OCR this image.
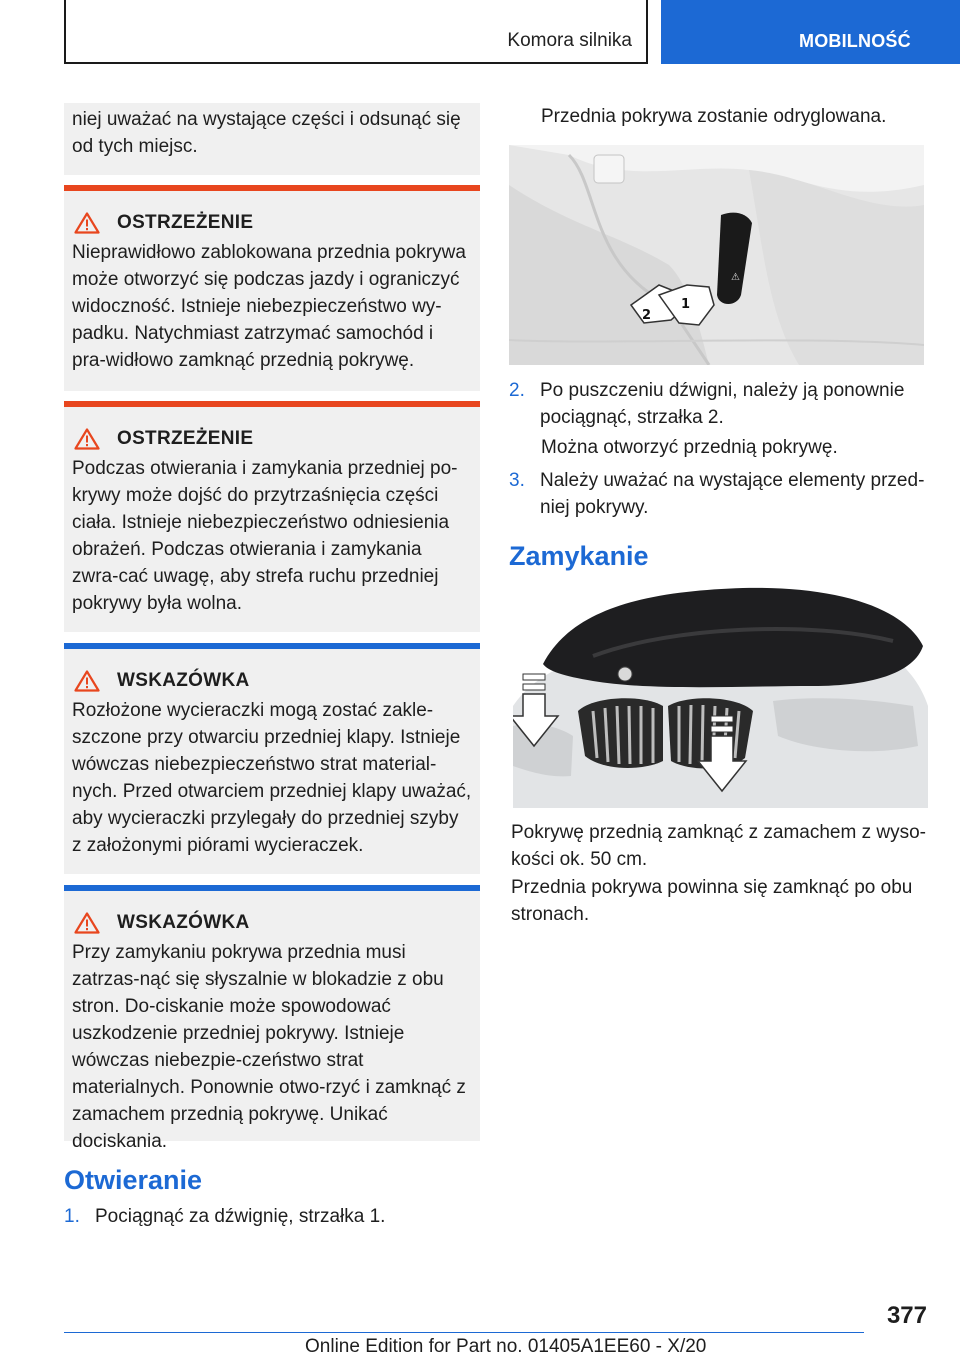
Komora silnika	MOBILNOŚĆ

niej uważać na wystające części i odsunąć się od tych miejsc.

OSTRZEŻENIE
Nieprawidłowo zablokowana przednia pokrywa może otworzyć się podczas jazdy i ograniczyć widoczność. Istnieje niebezpieczeństwo wy-padku. Natychmiast zatrzymać samochód i pra-widłowo zamknąć przednią pokrywę.
OSTRZEŻENIE
Podczas otwierania i zamykania przedniej po-krywy może dojść do przytrzaśnięcia części ciała. Istnieje niebezpieczeństwo odniesienia obrażeń. Podczas otwierania i zamykania zwra-cać uwagę, aby strefa ruchu przedniej pokrywy była wolna.
WSKAZÓWKA
Rozłożone wycieraczki mogą zostać zakle-szczone przy otwarciu przedniej klapy. Istnieje wówczas niebezpieczeństwo strat material-nych. Przed otwarciem przedniej klapy uważać, aby wycieraczki przylegały do przedniej szyby z założonymi piórami wycieraczek.
WSKAZÓWKA
Przy zamykaniu pokrywa przednia musi zatrzas-nąć się słyszalnie w blokadzie z obu stron. Do-ciskanie może spowodować uszkodzenie przedniej pokrywy. Istnieje wówczas niebezpie-czeństwo strat materialnych. Ponownie otwo-rzyć i zamknąć z zamachem przednią pokrywę. Unikać dociskania.
Otwieranie
1. Pociągnąć za dźwignię, strzałka 1.
Przednia pokrywa zostanie odryglowana.
⚠
2
1
2. Po puszczeniu dźwigni, należy ją ponownie pociągnąć, strzałka 2.
Można otworzyć przednią pokrywę.
3. Należy uważać na wystające elementy przed-niej pokrywy.
Zamykanie
Pokrywę przednią zamknąć z zamachem z wyso-kości ok. 50 cm.
Przednia pokrywa powinna się zamknąć po obu stronach.
377
Online Edition for Part no. 01405A1EE60 - X/20
